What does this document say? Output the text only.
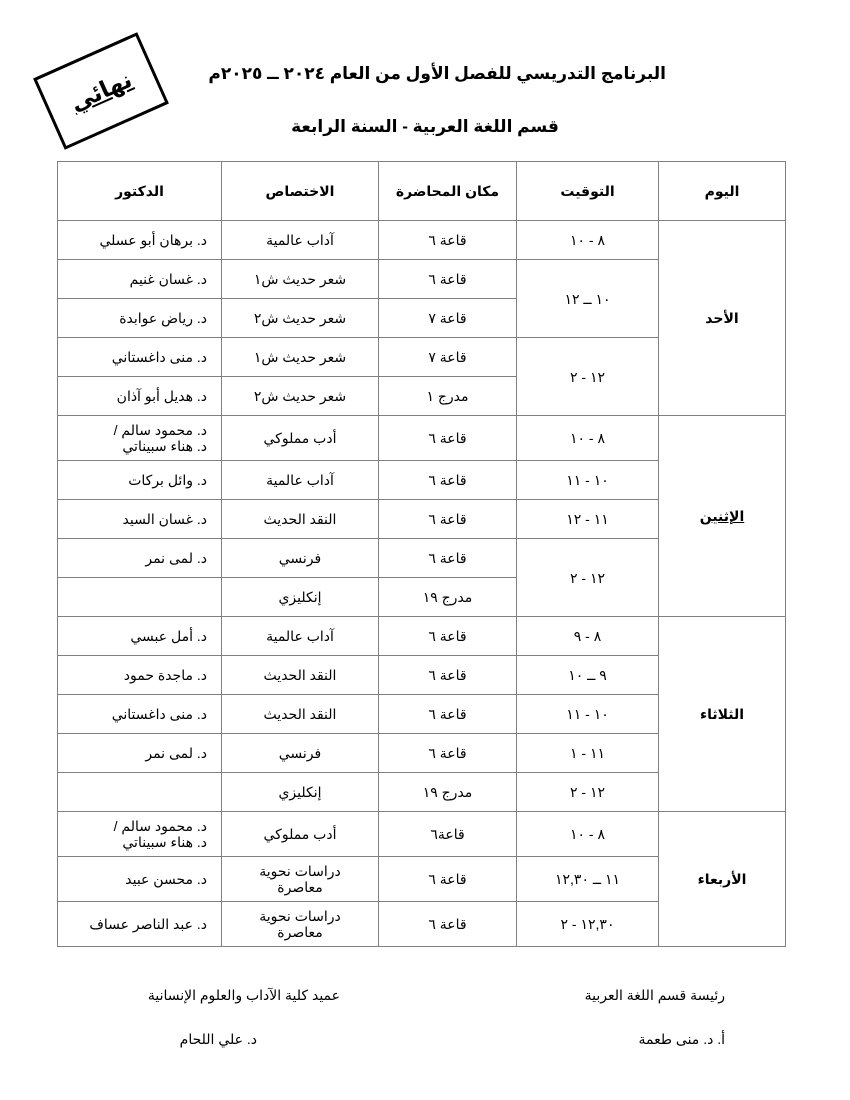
نهائي	البرنامج التدريسي للفصل الأول من العام ٢٠٢٤ ــ ٢٠٢٥م
قسم اللغة العربية - السنة الرابعة
اليوم	التوقيت	مكان المحاضرة	الاختصاص	الدكتور
الأحد	٨ - ١٠	قاعة ٦	آداب عالمية	د. برهان أبو عسلي
	١٠ ــ ١٢	قاعة ٦	شعر حديث ش١	د. غسان غنيم
		قاعة ٧	شعر حديث ش٢	د. رياض عوابدة
	١٢ - ٢	قاعة ٧	شعر حديث ش١	د. منى داغستاني
		مدرج ١	شعر حديث ش٢	د. هديل أبو آذان
الإثنين	٨ - ١٠	قاعة ٦	أدب مملوكي	د. محمود سالم /
د. هناء سبيناتي

	١٠ - ١١	قاعة ٦	آداب عالمية	د. وائل بركات
	١١ - ١٢	قاعة ٦	النقد الحديث	د. غسان السيد
	١٢ - ٢	قاعة ٦	فرنسي	د. لمى نمر
		مدرج ١٩	إنكليزي	
الثلاثاء	٨ - ٩	قاعة ٦	آداب عالمية	د. أمل عبسي
	٩ ــ ١٠	قاعة ٦	النقد الحديث	د. ماجدة حمود
	١٠ - ١١	قاعة ٦	النقد الحديث	د. منى داغستاني
	١١ - ١	قاعة ٦	فرنسي	د. لمى نمر
	١٢ - ٢	مدرج ١٩	إنكليزي	
الأربعاء	٨ - ١٠	قاعة٦	أدب مملوكي	د. محمود سالم /
د. هناء سبيناتي

	١١ ــ ١٢,٣٠	قاعة ٦	دراسات نحوية
معاصرة	د. محسن عبيد
	١٢,٣٠ - ٢	قاعة ٦	دراسات نحوية
معاصرة	د. عبد الناصر عساف
رئيسة قسم اللغة العربية
أ. د. منى طعمة
عميد كلية الآداب والعلوم الإنسانية
د. علي اللحام
